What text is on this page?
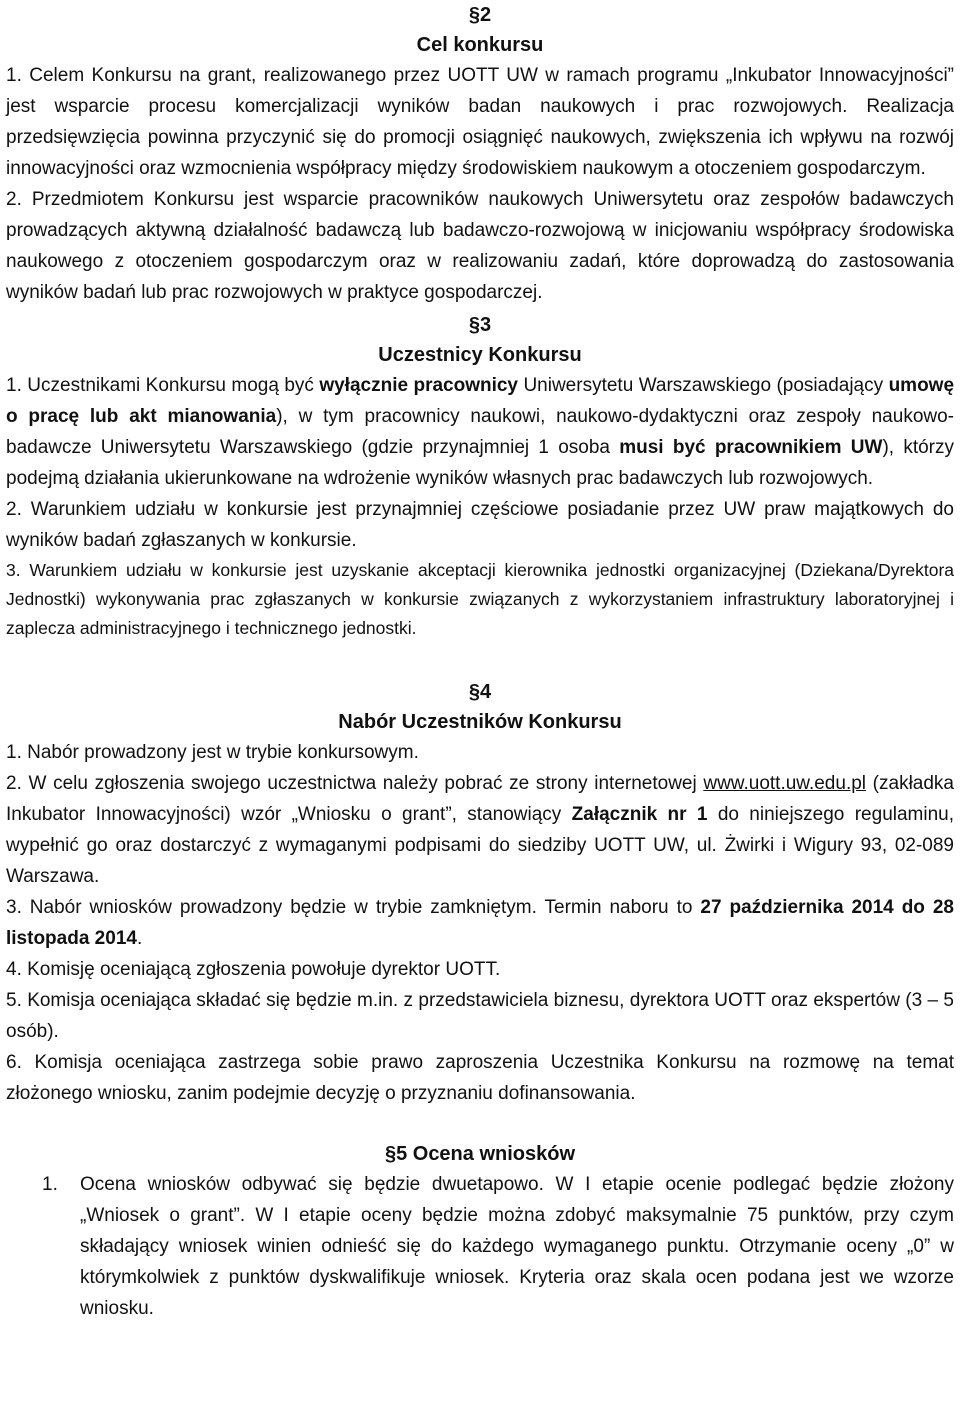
§2
Cel konkursu

1. Celem Konkursu na grant, realizowanego przez UOTT UW w ramach programu „Inkubator Innowacyjności” jest wsparcie procesu komercjalizacji wyników badan naukowych i prac rozwojowych. Realizacja przedsięwzięcia powinna przyczynić się do promocji osiągnięć naukowych, zwiększenia ich wpływu na rozwój innowacyjności oraz wzmocnienia współpracy między środowiskiem naukowym a otoczeniem gospodarczym.

2. Przedmiotem Konkursu jest wsparcie pracowników naukowych Uniwersytetu oraz zespołów badawczych prowadzących aktywną działalność badawczą lub badawczo-rozwojową w inicjowaniu współpracy środowiska naukowego z otoczeniem gospodarczym oraz w realizowaniu zadań, które doprowadzą do zastosowania wyników badań lub prac rozwojowych w praktyce gospodarczej.

§3
Uczestnicy Konkursu

1. Uczestnikami Konkursu mogą być wyłącznie pracownicy Uniwersytetu Warszawskiego (posiadający umowę o pracę lub akt mianowania), w tym pracownicy naukowi, naukowo-dydaktyczni oraz zespoły naukowo-badawcze Uniwersytetu Warszawskiego (gdzie przynajmniej 1 osoba musi być pracownikiem UW), którzy podejmą działania ukierunkowane na wdrożenie wyników własnych prac badawczych lub rozwojowych.

2. Warunkiem udziału w konkursie jest przynajmniej częściowe posiadanie przez UW praw majątkowych do wyników badań zgłaszanych w konkursie.

3. Warunkiem udziału w konkursie jest uzyskanie akceptacji kierownika jednostki organizacyjnej (Dziekana/Dyrektora Jednostki) wykonywania prac zgłaszanych w konkursie związanych z wykorzystaniem infrastruktury laboratoryjnej i zaplecza administracyjnego i technicznego jednostki.

§4
Nabór Uczestników Konkursu

1. Nabór prowadzony jest w trybie konkursowym.

2. W celu zgłoszenia swojego uczestnictwa należy pobrać ze strony internetowej www.uott.uw.edu.pl (zakładka Inkubator Innowacyjności) wzór „Wniosku o grant”, stanowiący Załącznik nr 1 do niniejszego regulaminu, wypełnić go oraz dostarczyć z wymaganymi podpisami do siedziby UOTT UW, ul. Żwirki i Wigury 93, 02-089 Warszawa.

3. Nabór wniosków prowadzony będzie w trybie zamkniętym. Termin naboru to 27 października 2014 do 28 listopada 2014.

4. Komisję oceniającą zgłoszenia powołuje dyrektor UOTT.

5. Komisja oceniająca składać się będzie m.in. z przedstawiciela biznesu, dyrektora UOTT oraz ekspertów (3 – 5 osób).

6. Komisja oceniająca zastrzega sobie prawo zaproszenia Uczestnika Konkursu na rozmowę na temat złożonego wniosku, zanim podejmie decyzję o przyznaniu dofinansowania.

§5 Ocena wniosków
1.	Ocena wniosków odbywać się będzie dwuetapowo. W I etapie ocenie podlegać będzie złożony „Wniosek o grant”. W I etapie oceny będzie można zdobyć maksymalnie 75 punktów, przy czym składający wniosek winien odnieść się do każdego wymaganego punktu. Otrzymanie oceny „0” w którymkolwiek z punktów dyskwalifikuje wniosek. Kryteria oraz skala ocen podana jest we wzorze wniosku.
